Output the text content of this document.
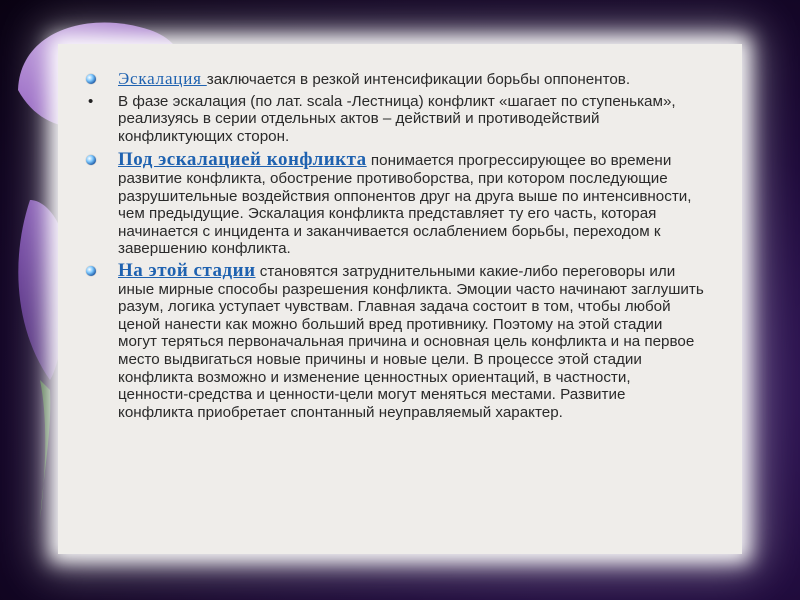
Эскалация заключается в резкой интенсификации борьбы оппонентов.

• В фазе эскалация (по лат. scala -Лестница) конфликт «шагает по ступенькам», реализуясь в серии отдельных актов – действий и противодействий конфликтующих сторон.

Под эскалацией конфликта понимается прогрессирующее во времени развитие конфликта, обострение противоборства, при котором последующие разрушительные воздействия оппонентов друг на друга выше по интенсивности, чем предыдущие. Эскалация конфликта представляет ту его часть, которая начинается с инцидента и заканчивается ослаблением борьбы, переходом к завершению конфликта.

На этой стадии становятся затруднительными какие-либо переговоры или иные мирные способы разрешения конфликта. Эмоции часто начинают заглушить разум, логика уступает чувствам. Главная задача состоит в том, чтобы любой ценой нанести как можно больший вред противнику. Поэтому на этой стадии могут теряться первоначальная причина и основная цель конфликта и на первое место выдвигаться новые причины и новые цели. В процессе этой стадии конфликта возможно и изменение ценностных ориентаций, в частности, ценности-средства и ценности-цели могут меняться местами. Развитие конфликта приобретает спонтанный неуправляемый характер.
